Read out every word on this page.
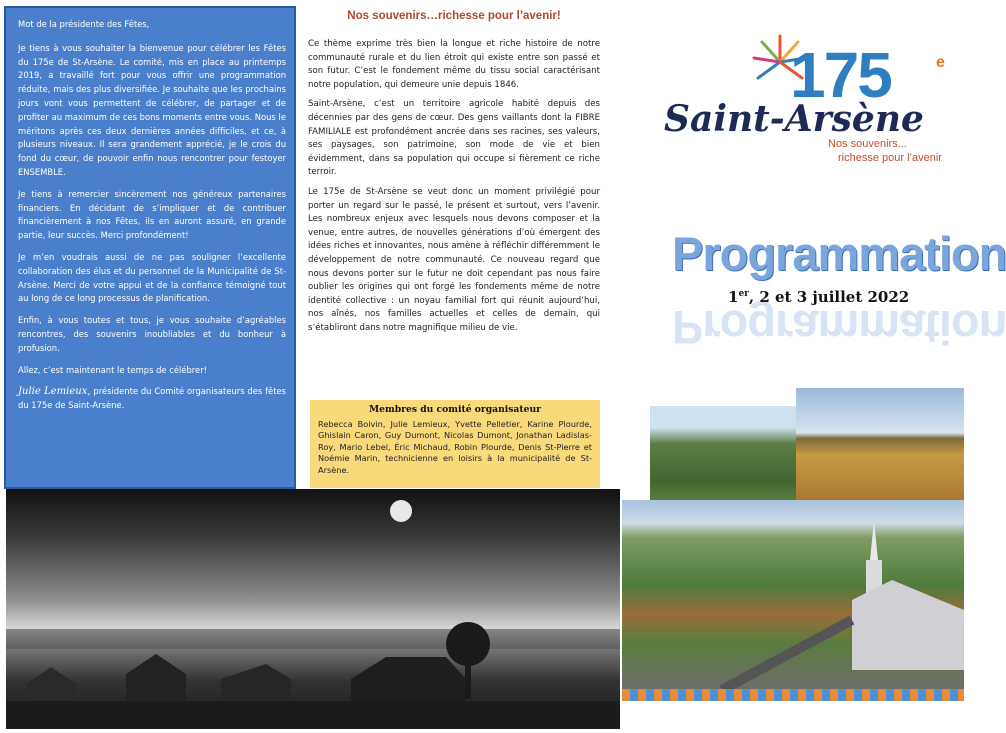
Mot de la présidente des Fêtes,

Je tiens à vous souhaiter la bienvenue pour célébrer les Fêtes du 175e de St-Arsène. Le comité, mis en place au printemps 2019, a travaillé fort pour vous offrir une programmation réduite, mais des plus diversifiée. Je souhaite que les prochains jours vont vous permettent de célébrer, de partager et de profiter au maximum de ces bons moments entre vous. Nous le méritons après ces deux dernières années difficiles, et ce, à plusieurs niveaux. Il sera grandement apprécié, je le crois du fond du cœur, de pouvoir enfin nous rencontrer pour festoyer ENSEMBLE.

Je tiens à remercier sincèrement nos généreux partenaires financiers. En décidant de s’impliquer et de contribuer financièrement à nos Fêtes, ils en auront assuré, en grande partie, leur succès. Merci profondément!

Je m’en voudrais aussi de ne pas souligner l’excellente collaboration des élus et du personnel de la Municipalité de St-Arsène. Merci de votre appui et de la confiance témoigné tout au long de ce long processus de planification.

Enfin, à vous toutes et tous, je vous souhaite d’agréables rencontres, des souvenirs inoubliables et du bonheur à profusion.

Allez, c’est maintenant le temps de célébrer!

Julie Lemieux, présidente du Comité organisateurs des fêtes du 175e de Saint-Arsène.

Nos souvenirs…richesse pour l’avenir!

Ce thème exprime très bien la longue et riche histoire de notre communauté rurale et du lien étroit qui existe entre son passé et son futur. C’est le fondement même du tissu social caractérisant notre population, qui demeure unie depuis 1846.

Saint-Arsène, c’est un territoire agricole habité depuis des décennies par des gens de cœur. Des gens vaillants dont la FIBRE FAMILIALE est profondément ancrée dans ses racines, ses valeurs, ses paysages, son patrimoine, son mode de vie et bien évidemment, dans sa population qui occupe si fièrement ce riche terroir.

Le 175e de St-Arsène se veut donc un moment privilégié pour porter un regard sur le passé, le présent et surtout, vers l’avenir. Les nombreux enjeux avec lesquels nous devons composer et la venue, entre autres, de nouvelles générations d’où émergent des idées riches et innovantes, nous amène à réfléchir différemment le développement de notre communauté. Ce nouveau regard que nous devons porter sur le futur ne doit cependant pas nous faire oublier les origines qui ont forgé les fondements même de notre identité collective : un noyau familial fort qui réunit aujourd’hui, nos aînés, nos familles actuelles et celles de demain, qui s’établiront dans notre magnifique milieu de vie.

Membres du comité organisateur

Rebecca Boivin, Julie Lemieux, Yvette Pelletier, Karine Plourde, Ghislain Caron, Guy Dumont, Nicolas Dumont, Jonathan Ladislas-Roy, Mario Lebel, Éric Michaud, Robin Plourde, Denis St-Pierre et Noémie Marin, technicienne en loisirs à la municipalité de St-Arsène.

175	e
Saint-Arsène
Nos souvenirs...
richesse pour l’avenir
Programmation
Programmation
1er, 2 et 3 juillet 2022
